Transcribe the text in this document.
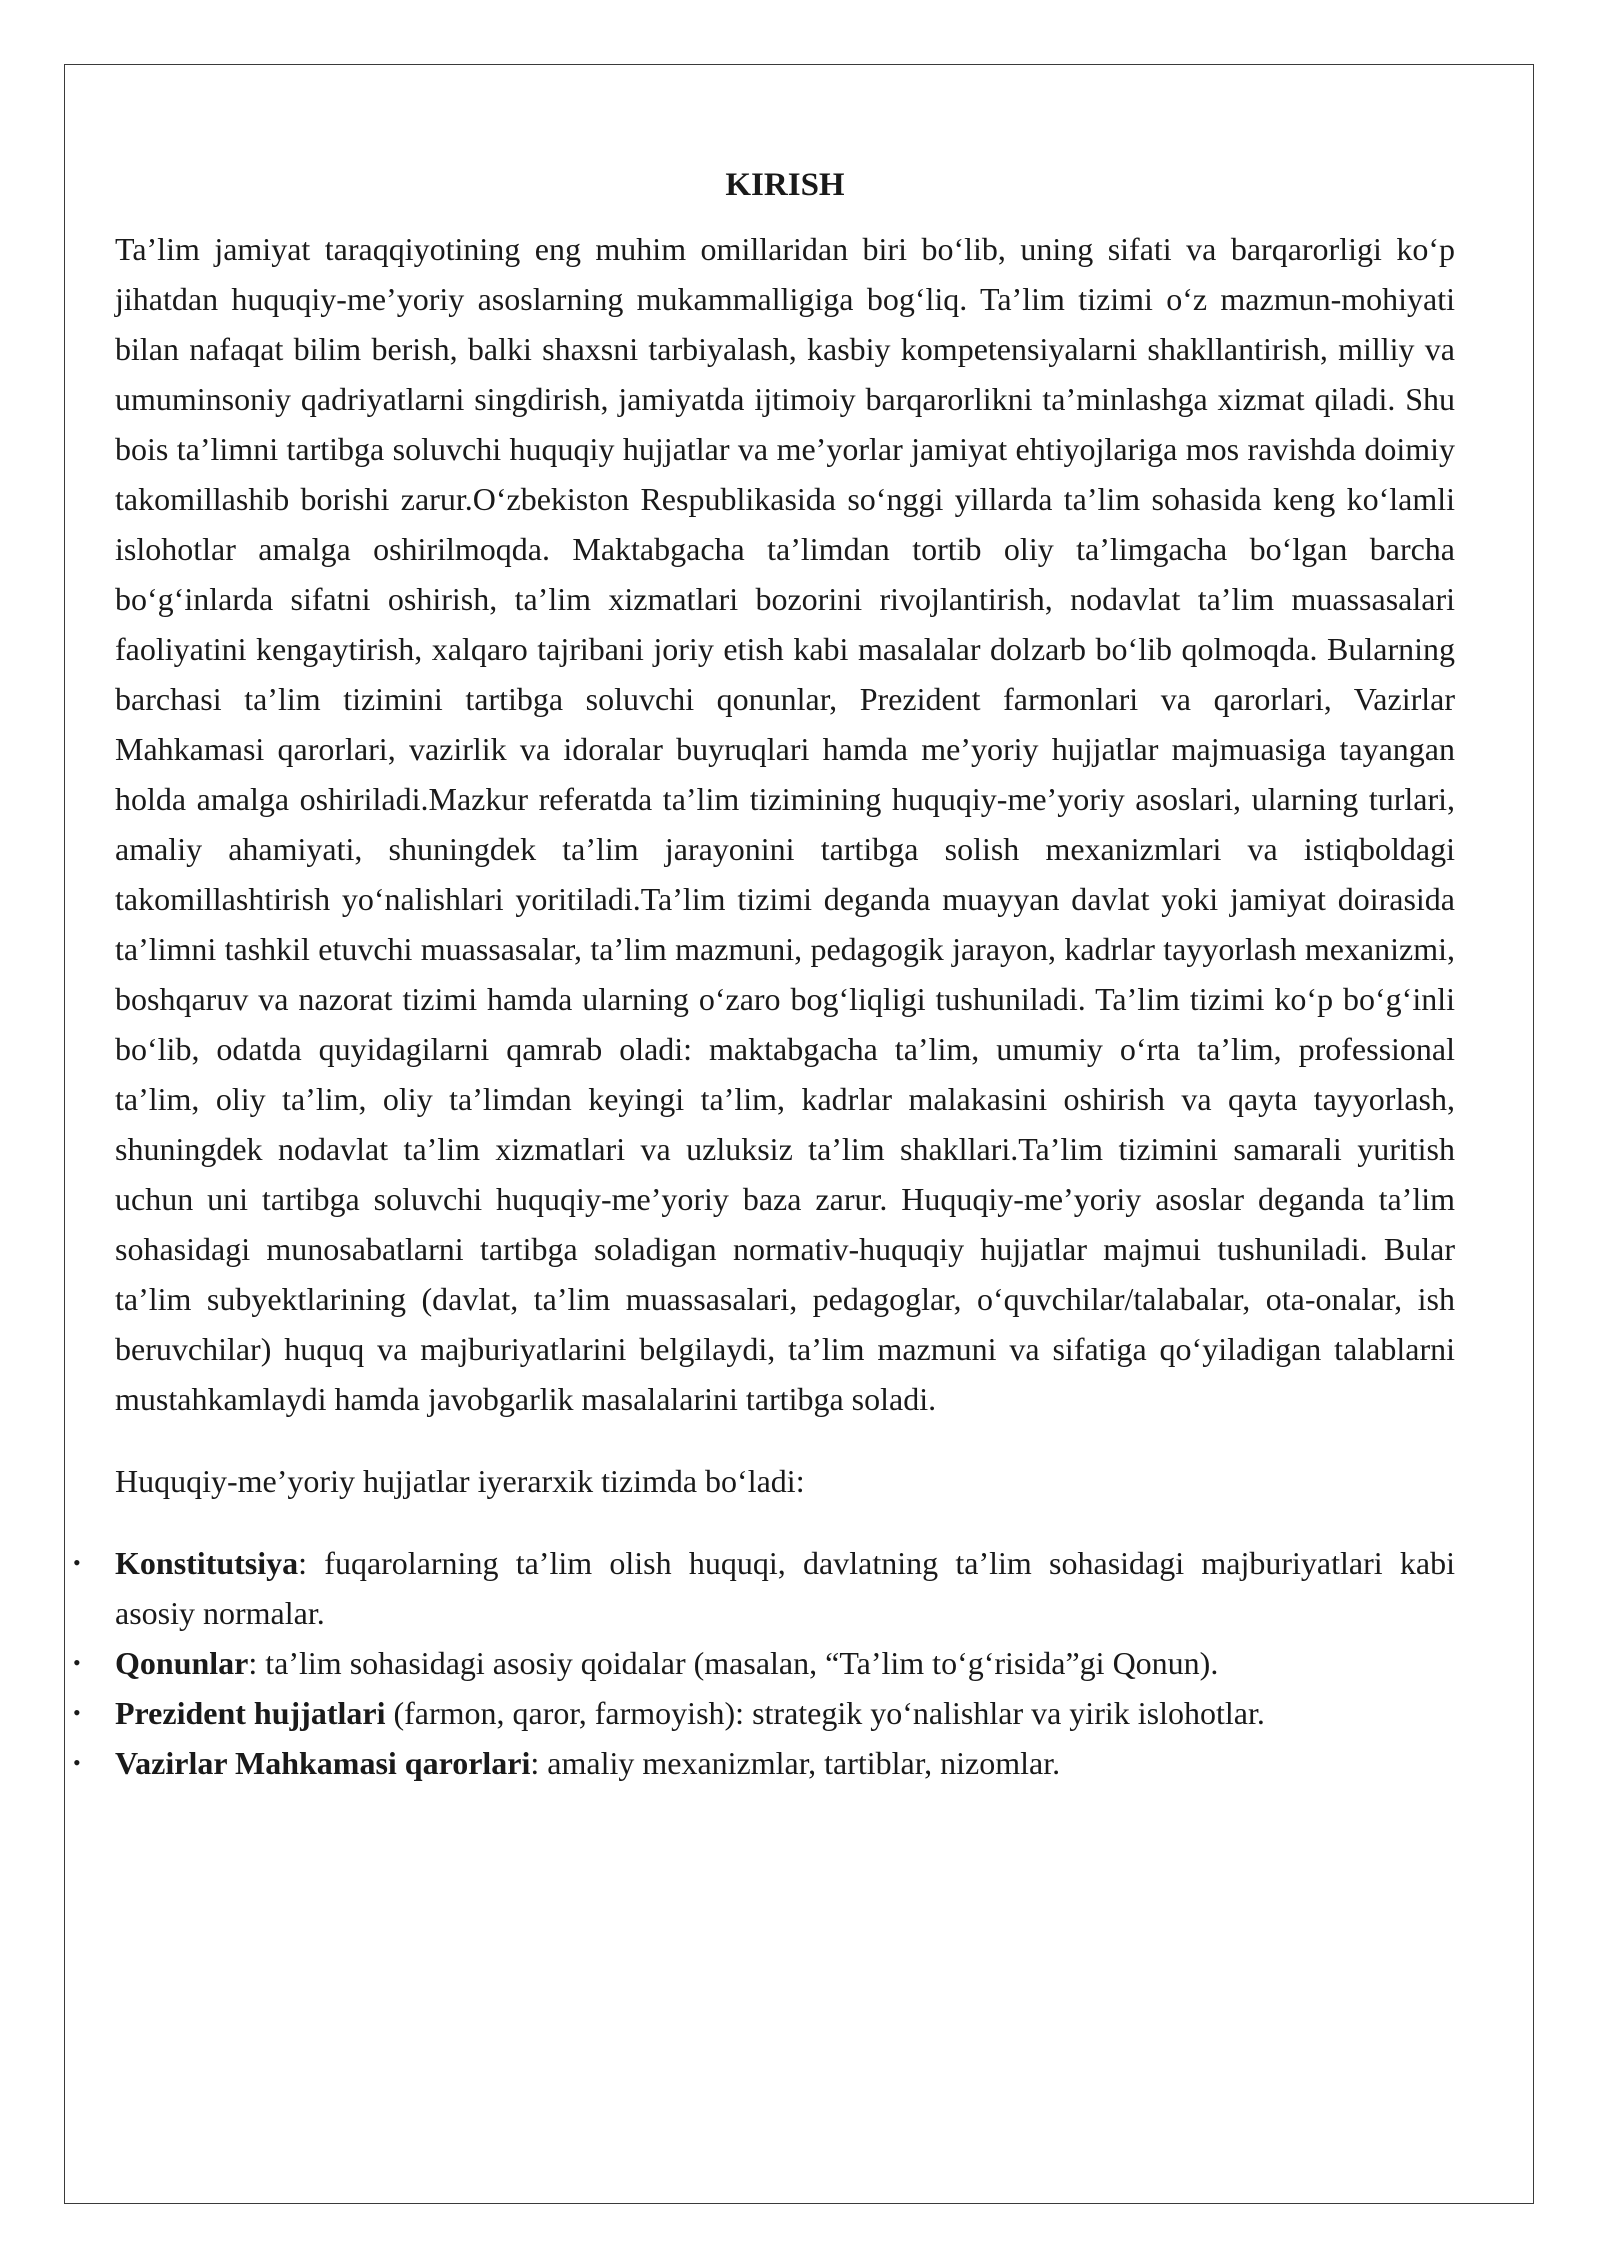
KIRISH

Ta’lim jamiyat taraqqiyotining eng muhim omillaridan biri bo‘lib, uning sifati va barqarorligi ko‘p jihatdan huquqiy-me’yoriy asoslarning mukammalligiga bog‘liq. Ta’lim tizimi o‘z mazmun-mohiyati bilan nafaqat bilim berish, balki shaxsni tarbiyalash, kasbiy kompetensiyalarni shakllantirish, milliy va umuminsoniy qadriyatlarni singdirish, jamiyatda ijtimoiy barqarorlikni ta’minlashga xizmat qiladi. Shu bois ta’limni tartibga soluvchi huquqiy hujjatlar va me’yorlar jamiyat ehtiyojlariga mos ravishda doimiy takomillashib borishi zarur.O‘zbekiston Respublikasida so‘nggi yillarda ta’lim sohasida keng ko‘lamli islohotlar amalga oshirilmoqda. Maktabgacha ta’limdan tortib oliy ta’limgacha bo‘lgan barcha bo‘g‘inlarda sifatni oshirish, ta’lim xizmatlari bozorini rivojlantirish, nodavlat ta’lim muassasalari faoliyatini kengaytirish, xalqaro tajribani joriy etish kabi masalalar dolzarb bo‘lib qolmoqda. Bularning barchasi ta’lim tizimini tartibga soluvchi qonunlar, Prezident farmonlari va qarorlari, Vazirlar Mahkamasi qarorlari, vazirlik va idoralar buyruqlari hamda me’yoriy hujjatlar majmuasiga tayangan holda amalga oshiriladi.Mazkur referatda ta’lim tizimining huquqiy-me’yoriy asoslari, ularning turlari, amaliy ahamiyati, shuningdek ta’lim jarayonini tartibga solish mexanizmlari va istiqboldagi takomillashtirish yo‘nalishlari yoritiladi.Ta’lim tizimi deganda muayyan davlat yoki jamiyat doirasida ta’limni tashkil etuvchi muassasalar, ta’lim mazmuni, pedagogik jarayon, kadrlar tayyorlash mexanizmi, boshqaruv va nazorat tizimi hamda ularning o‘zaro bog‘liqligi tushuniladi. Ta’lim tizimi ko‘p bo‘g‘inli bo‘lib, odatda quyidagilarni qamrab oladi: maktabgacha ta’lim, umumiy o‘rta ta’lim, professional ta’lim, oliy ta’lim, oliy ta’limdan keyingi ta’lim, kadrlar malakasini oshirish va qayta tayyorlash, shuningdek nodavlat ta’lim xizmatlari va uzluksiz ta’lim shakllari.Ta’lim tizimini samarali yuritish uchun uni tartibga soluvchi huquqiy-me’yoriy baza zarur. Huquqiy-me’yoriy asoslar deganda ta’lim sohasidagi munosabatlarni tartibga soladigan normativ-huquqiy hujjatlar majmui tushuniladi. Bular ta’lim subyektlarining (davlat, ta’lim muassasalari, pedagoglar, o‘quvchilar/talabalar, ota-onalar, ish beruvchilar) huquq va majburiyatlarini belgilaydi, ta’lim mazmuni va sifatiga qo‘yiladigan talablarni mustahkamlaydi hamda javobgarlik masalalarini tartibga soladi.

Huquqiy-me’yoriy hujjatlar iyerarxik tizimda bo‘ladi:

• Konstitutsiya: fuqarolarning ta’lim olish huquqi, davlatning ta’lim sohasidagi majburiyatlari kabi asosiy normalar.
• Qonunlar: ta’lim sohasidagi asosiy qoidalar (masalan, “Ta’lim to‘g‘risida”gi Qonun).
• Prezident hujjatlari (farmon, qaror, farmoyish): strategik yo‘nalishlar va yirik islohotlar.
• Vazirlar Mahkamasi qarorlari: amaliy mexanizmlar, tartiblar, nizomlar.
